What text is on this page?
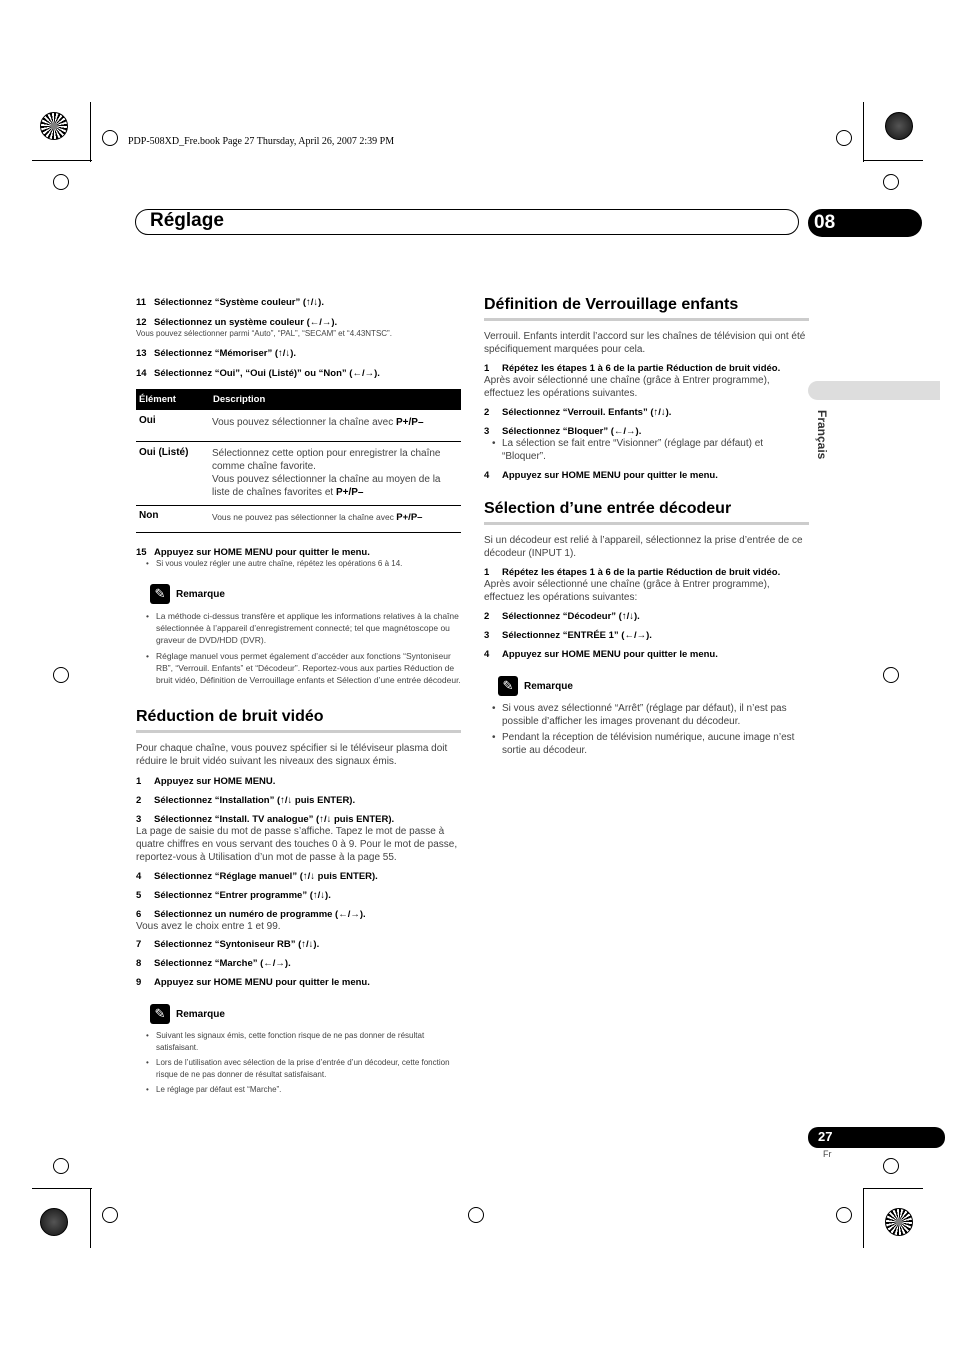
PDP-508XD_Fre.book Page 27 Thursday, April 26, 2007 2:39 PM
Réglage	08
Français
11 Sélectionnez “Système couleur” (↑/↓).
12 Sélectionnez un système couleur (←/→).
Vous pouvez sélectionner parmi “Auto”, “PAL”, “SECAM” et “4.43NTSC”.
13 Sélectionnez “Mémoriser” (↑/↓).
14 Sélectionnez “Oui”, “Oui (Listé)” ou “Non” (←/→).
Élément	Description
Oui	Vous pouvez sélectionner la chaîne avec P+/P–
Oui (Listé)	Sélectionnez cette option pour enregistrer la chaîne comme chaîne favorite.
Vous pouvez sélectionner la chaîne au moyen de la liste de chaînes favorites et P+/P–
Non	Vous ne pouvez pas sélectionner la chaîne avec P+/P–
15 Appuyez sur HOME MENU pour quitter le menu.
• Si vous voulez régler une autre chaîne, répétez les opérations 6 à 14.
✎	Remarque
• La méthode ci-dessus transfère et applique les informations relatives à la chaîne sélectionnée à l’appareil d’enregistrement connecté; tel que magnétoscope ou graveur de DVD/HDD (DVR).
• Réglage manuel vous permet également d’accéder aux fonctions “Syntoniseur RB”, “Verrouil. Enfants” et “Décodeur”. Reportez-vous aux parties Réduction de bruit vidéo, Définition de Verrouillage enfants et Sélection d’une entrée décodeur.
Réduction de bruit vidéo
Pour chaque chaîne, vous pouvez spécifier si le téléviseur plasma doit réduire le bruit vidéo suivant les niveaux des signaux émis.
1 Appuyez sur HOME MENU.
2 Sélectionnez “Installation” (↑/↓ puis ENTER).
3 Sélectionnez “Install. TV analogue” (↑/↓ puis ENTER).
La page de saisie du mot de passe s’affiche. Tapez le mot de passe à quatre chiffres en vous servant des touches 0 à 9. Pour le mot de passe, reportez-vous à Utilisation d’un mot de passe à la page 55.
4 Sélectionnez “Réglage manuel” (↑/↓ puis ENTER).
5 Sélectionnez “Entrer programme” (↑/↓).
6 Sélectionnez un numéro de programme (←/→).
Vous avez le choix entre 1 et 99.
7 Sélectionnez “Syntoniseur RB” (↑/↓).
8 Sélectionnez “Marche” (←/→).
9 Appuyez sur HOME MENU pour quitter le menu.
✎	Remarque
• Suivant les signaux émis, cette fonction risque de ne pas donner de résultat satisfaisant.
• Lors de l’utilisation avec sélection de la prise d’entrée d’un décodeur, cette fonction risque de ne pas donner de résultat satisfaisant.
• Le réglage par défaut est “Marche”.
Définition de Verrouillage enfants
Verrouil. Enfants interdit l’accord sur les chaînes de télévision qui ont été spécifiquement marquées pour cela.
1 Répétez les étapes 1 à 6 de la partie Réduction de bruit vidéo.
Après avoir sélectionné une chaîne (grâce à Entrer programme), effectuez les opérations suivantes.
2 Sélectionnez “Verrouil. Enfants” (↑/↓).
3 Sélectionnez “Bloquer” (←/→).
• La sélection se fait entre “Visionner” (réglage par défaut) et “Bloquer”.
4 Appuyez sur HOME MENU pour quitter le menu.
Sélection d’une entrée décodeur
Si un décodeur est relié à l’appareil, sélectionnez la prise d’entrée de ce décodeur (INPUT 1).
1 Répétez les étapes 1 à 6 de la partie Réduction de bruit vidéo.
Après avoir sélectionné une chaîne (grâce à Entrer programme), effectuez les opérations suivantes:
2 Sélectionnez “Décodeur” (↑/↓).
3 Sélectionnez “ENTRÉE 1” (←/→).
4 Appuyez sur HOME MENU pour quitter le menu.
✎	Remarque
• Si vous avez sélectionné “Arrêt” (réglage par défaut), il n’est pas possible d’afficher les images provenant du décodeur.
• Pendant la réception de télévision numérique, aucune image n’est sortie au décodeur.
27
Fr
